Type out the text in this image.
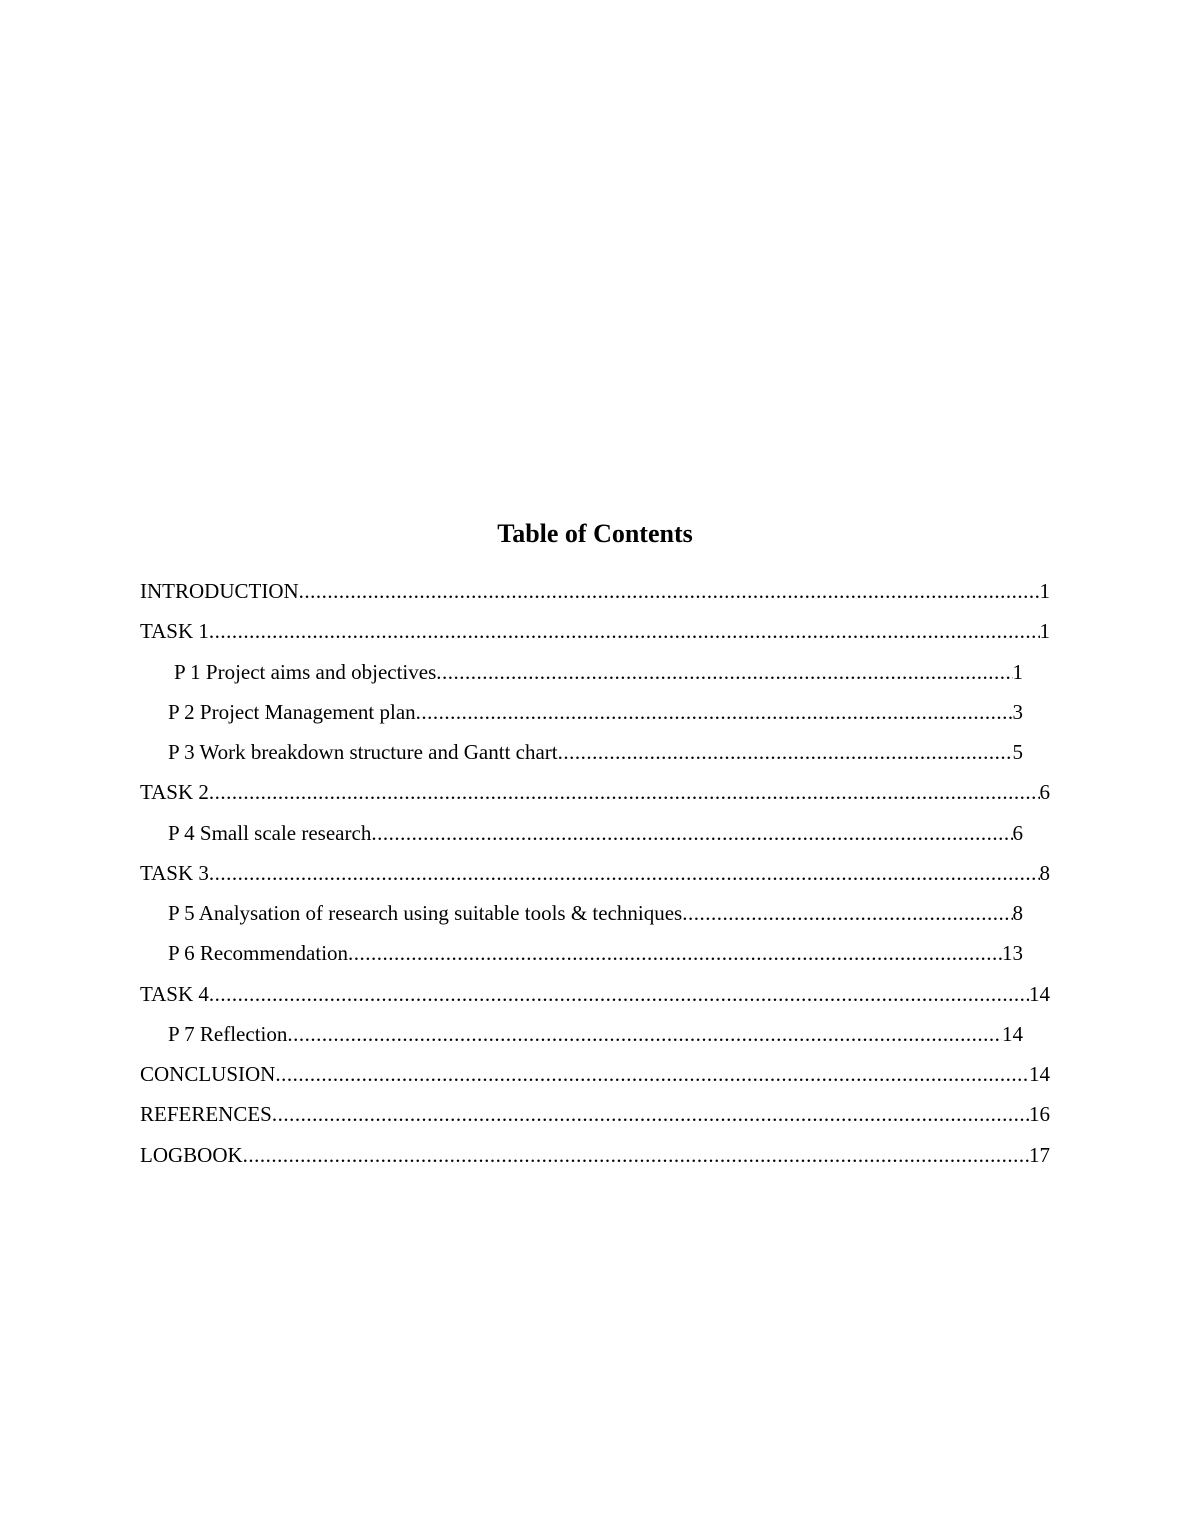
Table of Contents
INTRODUCTION .....	1
TASK 1 .....	1
P 1 Project aims and objectives .....	1
P 2 Project Management plan .....	3
P 3 Work breakdown structure and Gantt chart .....	5
TASK 2 .....	6
P 4 Small scale research .....	6
TASK 3 .....	8
P 5 Analysation of research using suitable tools & techniques .....	8
P 6 Recommendation .....	13
TASK 4 .....	14
P 7 Reflection .....	14
CONCLUSION .....	14
REFERENCES .....	16
LOGBOOK .....	17
